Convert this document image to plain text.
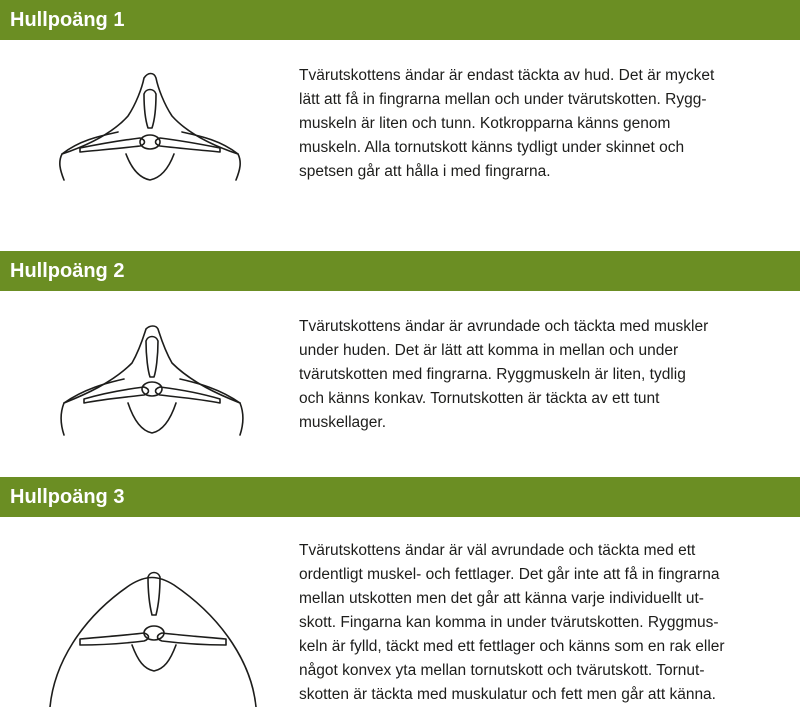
Hullpoäng 1
Tvärutskottens ändar är endast täckta av hud. Det är mycket
lätt att få in fingrarna mellan och under tvärutskotten. Rygg-
muskeln är liten och tunn. Kotkropparna känns genom
muskeln. Alla tornutskott känns tydligt under skinnet och
spetsen går att hålla i med fingrarna.
Hullpoäng 2
Tvärutskottens ändar är avrundade och täckta med muskler
under huden. Det är lätt att komma in mellan och under
tvärutskotten med fingrarna. Ryggmuskeln är liten, tydlig
och känns konkav. Tornutskotten är täckta av ett tunt
muskellager.
Hullpoäng 3
Tvärutskottens ändar är väl avrundade och täckta med ett
ordentligt muskel- och fettlager. Det går inte att få in fingrarna
mellan utskotten men det går att känna varje individuellt ut-
skott. Fingarna kan komma in under tvärutskotten. Ryggmus-
keln är fylld, täckt med ett fettlager och känns som en rak eller
något konvex yta mellan tornutskott och tvärutskott. Tornut-
skotten är täckta med muskulatur och fett men går att känna.
